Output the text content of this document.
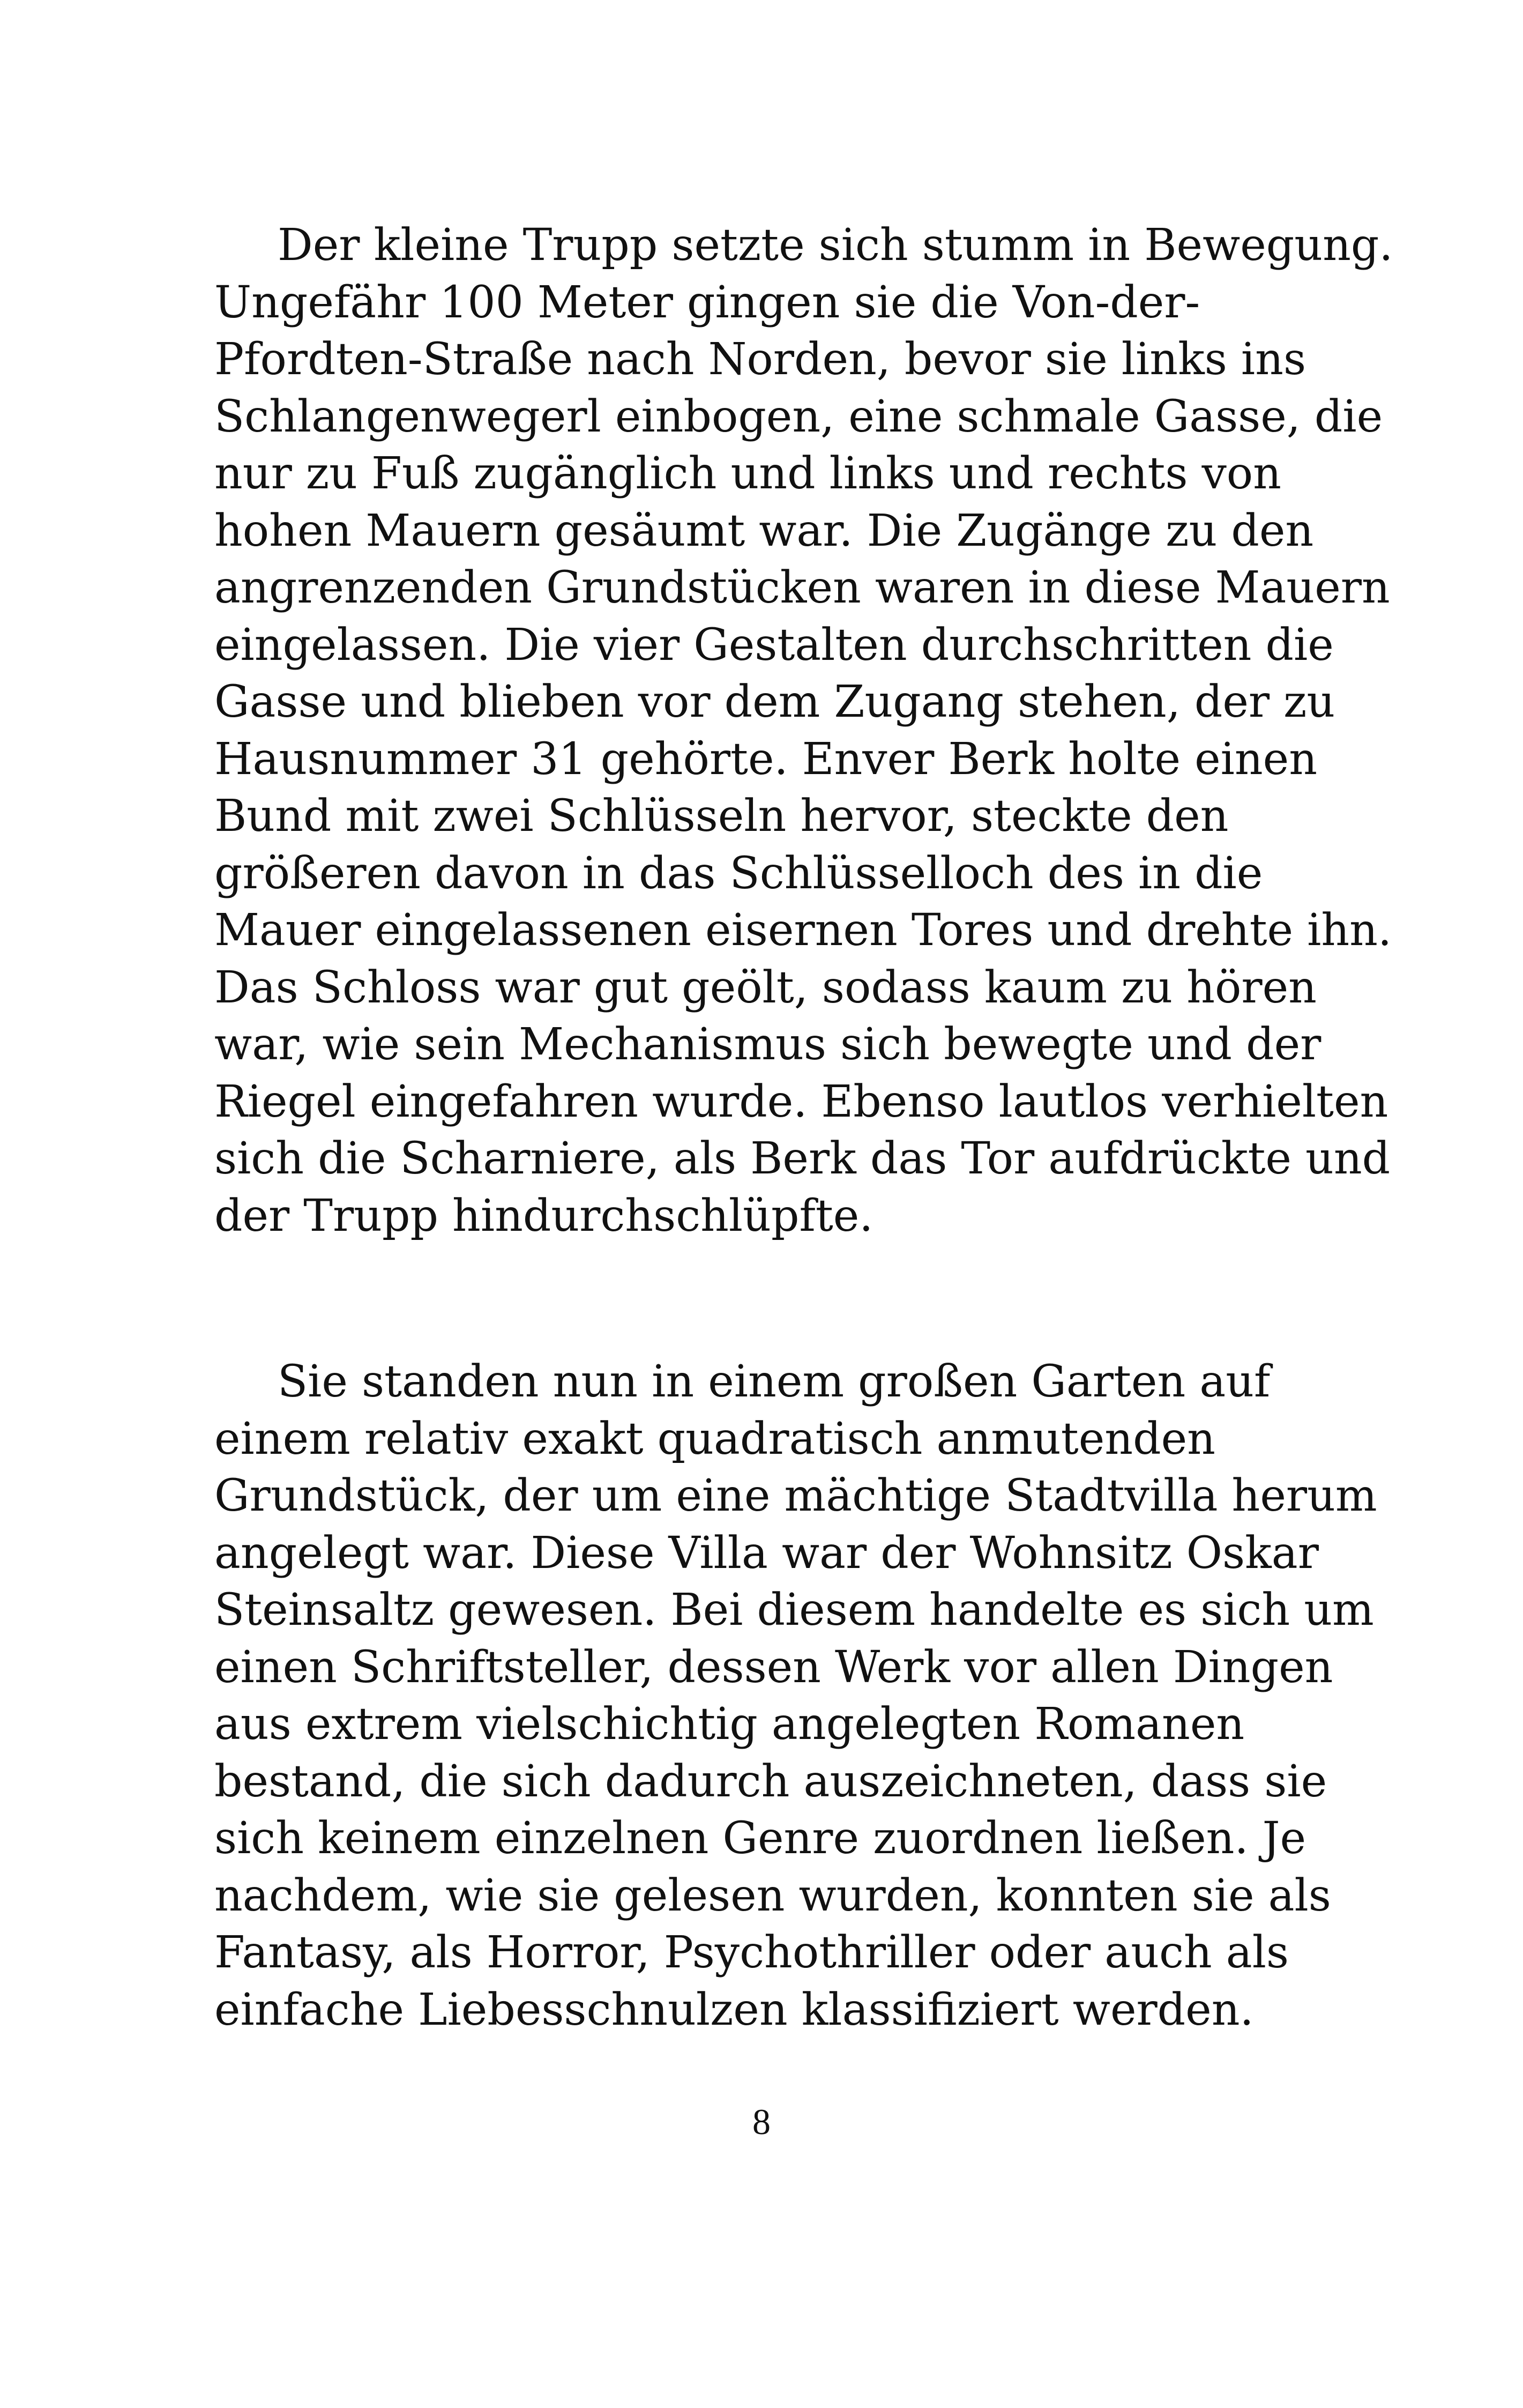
Der kleine Trupp setzte sich stumm in Bewegung.
Ungefähr 100 Meter gingen sie die Von-der-
Pfordten-Straße nach Norden, bevor sie links ins
Schlangenwegerl einbogen, eine schmale Gasse, die
nur zu Fuß zugänglich und links und rechts von
hohen Mauern gesäumt war. Die Zugänge zu den
angrenzenden Grundstücken waren in diese Mauern
eingelassen. Die vier Gestalten durchschritten die
Gasse und blieben vor dem Zugang stehen, der zu
Hausnummer 31 gehörte. Enver Berk holte einen
Bund mit zwei Schlüsseln hervor, steckte den
größeren davon in das Schlüsselloch des in die
Mauer eingelassenen eisernen Tores und drehte ihn.
Das Schloss war gut geölt, sodass kaum zu hören
war, wie sein Mechanismus sich bewegte und der
Riegel eingefahren wurde. Ebenso lautlos verhielten
sich die Scharniere, als Berk das Tor aufdrückte und
der Trupp hindurchschlüpfte.
Sie standen nun in einem großen Garten auf
einem relativ exakt quadratisch anmutenden
Grundstück, der um eine mächtige Stadtvilla herum
angelegt war. Diese Villa war der Wohnsitz Oskar
Steinsaltz gewesen. Bei diesem handelte es sich um
einen Schriftsteller, dessen Werk vor allen Dingen
aus extrem vielschichtig angelegten Romanen
bestand, die sich dadurch auszeichneten, dass sie
sich keinem einzelnen Genre zuordnen ließen. Je
nachdem, wie sie gelesen wurden, konnten sie als
Fantasy, als Horror, Psychothriller oder auch als
einfache Liebesschnulzen klassifiziert werden.
8
